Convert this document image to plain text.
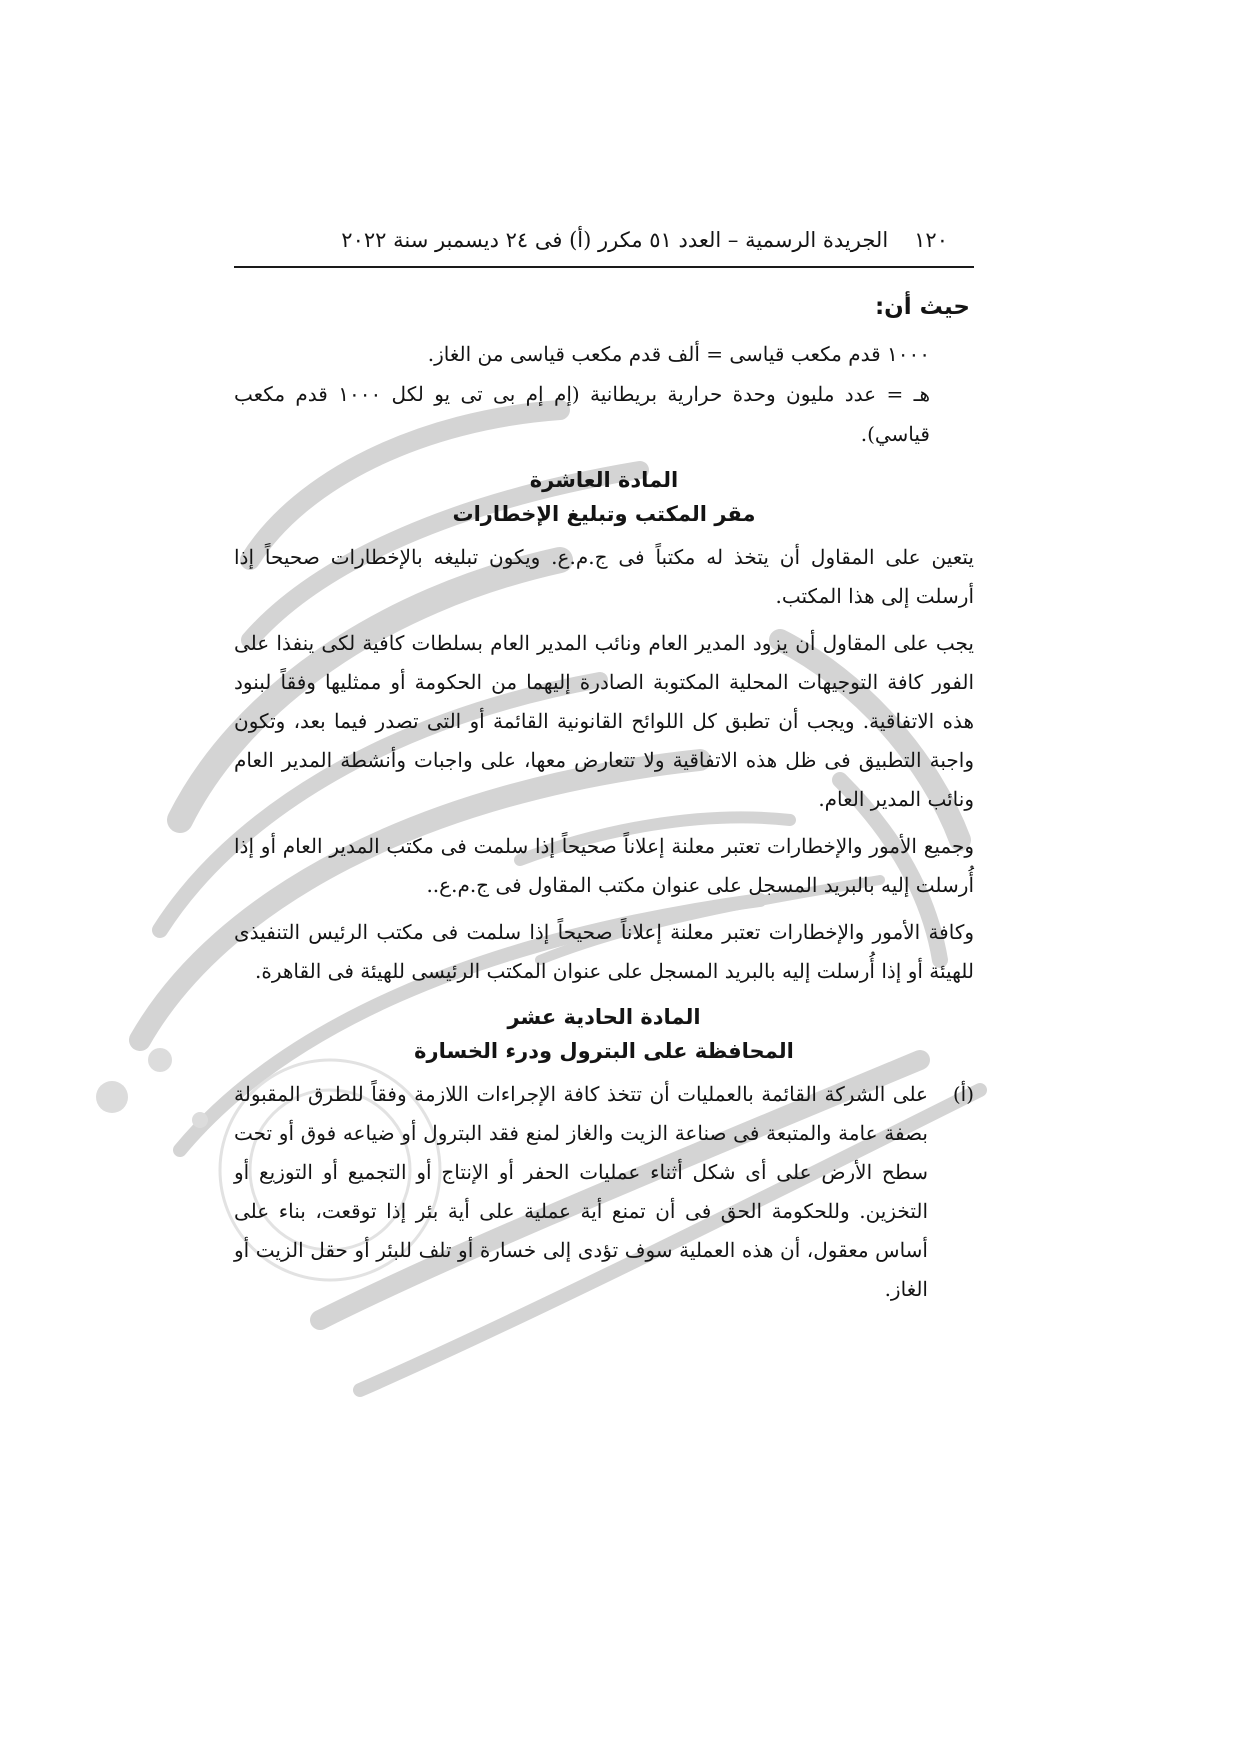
١٢٠
الجريدة الرسمية – العدد ٥١ مكرر (أ) فى ٢٤ ديسمبر سنة ٢٠٢٢
حيث أن:
١٠٠٠ قدم مكعب قياسى = ألف قدم مكعب قياسى من الغاز.
هـ = عدد مليون وحدة حرارية بريطانية (إم إم بى تى يو لكل ١٠٠٠ قدم مكعب قياسي).
المادة العاشرة
مقر المكتب وتبليغ الإخطارات

يتعين على المقاول أن يتخذ له مكتباً فى ج.م.ع. ويكون تبليغه بالإخطارات صحيحاً إذا أرسلت إلى هذا المكتب.

يجب على المقاول أن يزود المدير العام ونائب المدير العام بسلطات كافية لكى ينفذا على الفور كافة التوجيهات المحلية المكتوبة الصادرة إليهما من الحكومة أو ممثليها وفقاً لبنود هذه الاتفاقية. ويجب أن تطبق كل اللوائح القانونية القائمة أو التى تصدر فيما بعد، وتكون واجبة التطبيق فى ظل هذه الاتفاقية ولا تتعارض معها، على واجبات وأنشطة المدير العام ونائب المدير العام.

وجميع الأمور والإخطارات تعتبر معلنة إعلاناً صحيحاً إذا سلمت فى مكتب المدير العام أو إذا أُرسلت إليه بالبريد المسجل على عنوان مكتب المقاول فى ج.م.ع..

وكافة الأمور والإخطارات تعتبر معلنة إعلاناً صحيحاً إذا سلمت فى مكتب الرئيس التنفيذى للهيئة أو إذا أُرسلت إليه بالبريد المسجل على عنوان المكتب الرئيسى للهيئة فى القاهرة.

المادة الحادية عشر
المحافظة على البترول ودرء الخسارة
(أ)
على الشركة القائمة بالعمليات أن تتخذ كافة الإجراءات اللازمة وفقاً للطرق المقبولة بصفة عامة والمتبعة فى صناعة الزيت والغاز لمنع فقد البترول أو ضياعه فوق أو تحت سطح الأرض على أى شكل أثناء عمليات الحفر أو الإنتاج أو التجميع أو التوزيع أو التخزين. وللحكومة الحق فى أن تمنع أية عملية على أية بئر إذا توقعت، بناء على أساس معقول، أن هذه العملية سوف تؤدى إلى خسارة أو تلف للبئر أو حقل الزيت أو الغاز.
